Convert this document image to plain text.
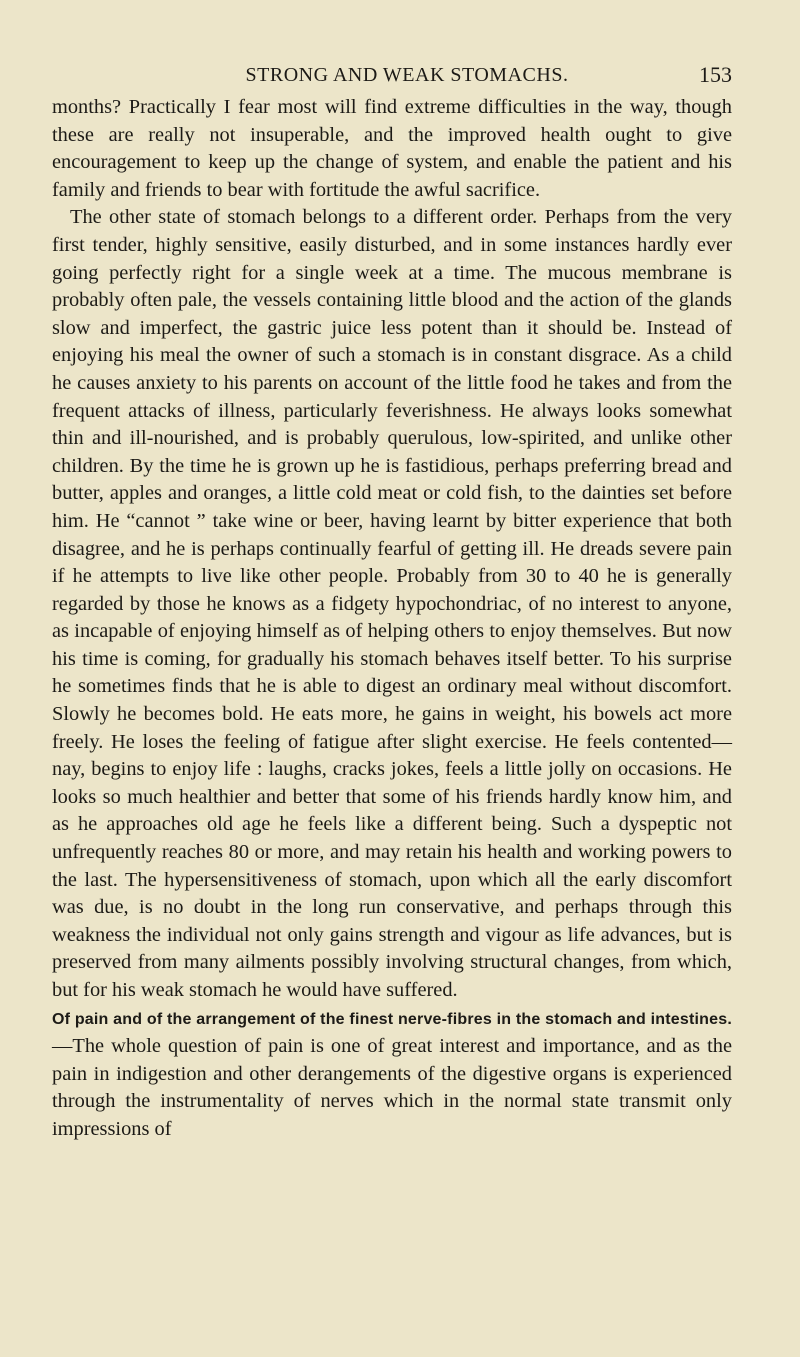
STRONG AND WEAK STOMACHS.	153

months? Practically I fear most will find extreme difficulties in the way, though these are really not insuperable, and the improved health ought to give encouragement to keep up the change of system, and enable the patient and his family and friends to bear with fortitude the awful sacrifice.

The other state of stomach belongs to a different order. Perhaps from the very first tender, highly sensitive, easily disturbed, and in some instances hardly ever going perfectly right for a single week at a time. The mucous membrane is probably often pale, the vessels containing little blood and the action of the glands slow and imperfect, the gastric juice less potent than it should be. Instead of enjoying his meal the owner of such a stomach is in constant disgrace. As a child he causes anxiety to his parents on account of the little food he takes and from the frequent attacks of illness, particularly feverishness. He always looks somewhat thin and ill-nourished, and is probably querulous, low-spirited, and unlike other children. By the time he is grown up he is fastidious, perhaps preferring bread and butter, apples and oranges, a little cold meat or cold fish, to the dainties set before him. He “cannot ” take wine or beer, having learnt by bitter experience that both disagree, and he is perhaps continually fearful of getting ill. He dreads severe pain if he attempts to live like other people. Probably from 30 to 40 he is generally regarded by those he knows as a fidgety hypochondriac, of no interest to anyone, as incapable of enjoying himself as of helping others to enjoy themselves. But now his time is coming, for gradually his stomach behaves itself better. To his surprise he sometimes finds that he is able to digest an ordinary meal without discomfort. Slowly he becomes bold. He eats more, he gains in weight, his bowels act more freely. He loses the feeling of fatigue after slight exercise. He feels contented—nay, begins to enjoy life : laughs, cracks jokes, feels a little jolly on occasions. He looks so much healthier and better that some of his friends hardly know him, and as he approaches old age he feels like a different being. Such a dyspeptic not unfrequently reaches 80 or more, and may retain his health and working powers to the last. The hypersensitiveness of stomach, upon which all the early discomfort was due, is no doubt in the long run conservative, and perhaps through this weakness the individual not only gains strength and vigour as life advances, but is preserved from many ailments possibly involving structural changes, from which, but for his weak stomach he would have suffered.

Of pain and of the arrangement of the finest nerve-fibres in the stomach and intestines.—The whole question of pain is one of great interest and importance, and as the pain in indigestion and other derangements of the digestive organs is experienced through the instrumentality of nerves which in the normal state transmit only impressions of
